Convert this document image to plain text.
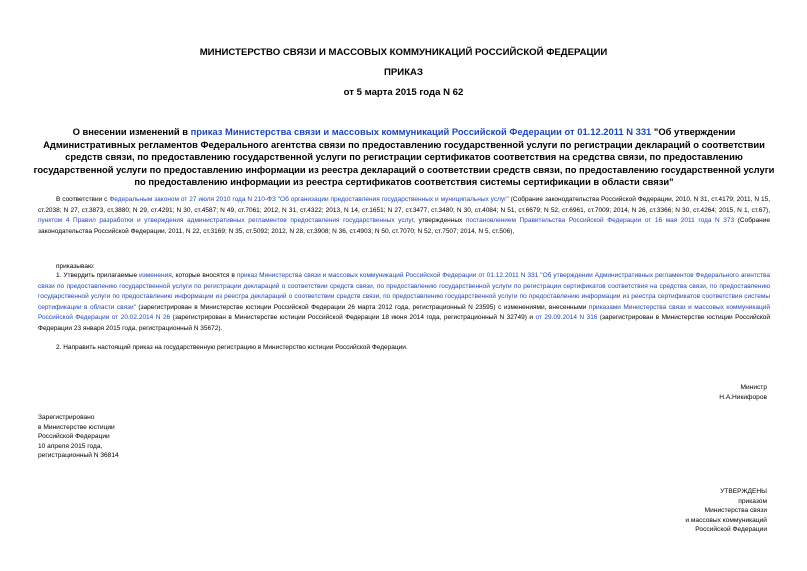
МИНИСТЕРСТВО СВЯЗИ И МАССОВЫХ КОММУНИКАЦИЙ РОССИЙСКОЙ ФЕДЕРАЦИИ
ПРИКАЗ
от 5 марта 2015 года N 62
О внесении изменений в приказ Министерства связи и массовых коммуникаций Российской Федерации от 01.12.2011 N 331 "Об утверждении Административных регламентов Федерального агентства связи по предоставлению государственной услуги по регистрации деклараций о соответствии средств связи, по предоставлению государственной услуги по регистрации сертификатов соответствия на средства связи, по предоставлению государственной услуги по предоставлению информации из реестра деклараций о соответствии средств связи, по предоставлению государственной услуги по предоставлению информации из реестра сертификатов соответствия системы сертификации в области связи"
В соответствии с Федеральным законом от 27 июля 2010 года N 210-ФЗ "Об организации предоставления государственных и муниципальных услуг" (Собрание законодательства Российской Федерации, 2010, N 31, ст.4179; 2011, N 15, ст.2038; N 27, ст.3873, ст.3880; N 29, ст.4291; N 30, ст.4587; N 49, ст.7061; 2012, N 31, ст.4322; 2013, N 14, ст.1651; N 27, ст.3477, ст.3480; N 30, ст.4084; N 51, ст.6679; N 52, ст.6961, ст.7009; 2014, N 26, ст.3366; N 30, ст.4264; 2015, N 1, ст.67), пунктом 4 Правил разработки и утверждения административных регламентов предоставления государственных услуг, утвержденных постановлением Правительства Российской Федерации от 16 мая 2011 года N 373 (Собрание законодательства Российской Федерации, 2011, N 22, ст.3169; N 35, ст.5092; 2012, N 28, ст.3908; N 36, ст.4903; N 50, ст.7070; N 52, ст.7507; 2014, N 5, ст.506),
приказываю:
1. Утвердить прилагаемые изменения, которые вносятся в приказ Министерства связи и массовых коммуникаций Российской Федерации от 01.12.2011 N 331 "Об утверждении Административных регламентов Федерального агентства связи по предоставлению государственной услуги по регистрации деклараций о соответствии средств связи, по предоставлению государственной услуги по регистрации сертификатов соответствия на средства связи, по предоставлению государственной услуги по предоставлению информации из реестра деклараций о соответствии средств связи, по предоставлению государственной услуги по предоставлению информации из реестра сертификатов соответствия системы сертификации в области связи" (зарегистрирован в Министерстве юстиции Российской Федерации 26 марта 2012 года, регистрационный N 23595) с изменениями, внесенными приказами Министерства связи и массовых коммуникаций Российской Федерации от 20.02.2014 N 26 (зарегистрирован в Министерстве юстиции Российской Федерации 18 июня 2014 года, регистрационный N 32749) и от 29.09.2014 N 316 (зарегистрирован в Министерстве юстиции Российской Федерации 23 января 2015 года, регистрационный N 35672).
2. Направить настоящий приказ на государственную регистрацию в Министерство юстиции Российской Федерации.
Министр
Н.А.Никифоров
Зарегистрировано
в Министерстве юстиции
Российской Федерации
10 апреля 2015 года,
регистрационный N 36814
УТВЕРЖДЕНЫ
приказом
Министерства связи
и массовых коммуникаций
Российской Федерации
